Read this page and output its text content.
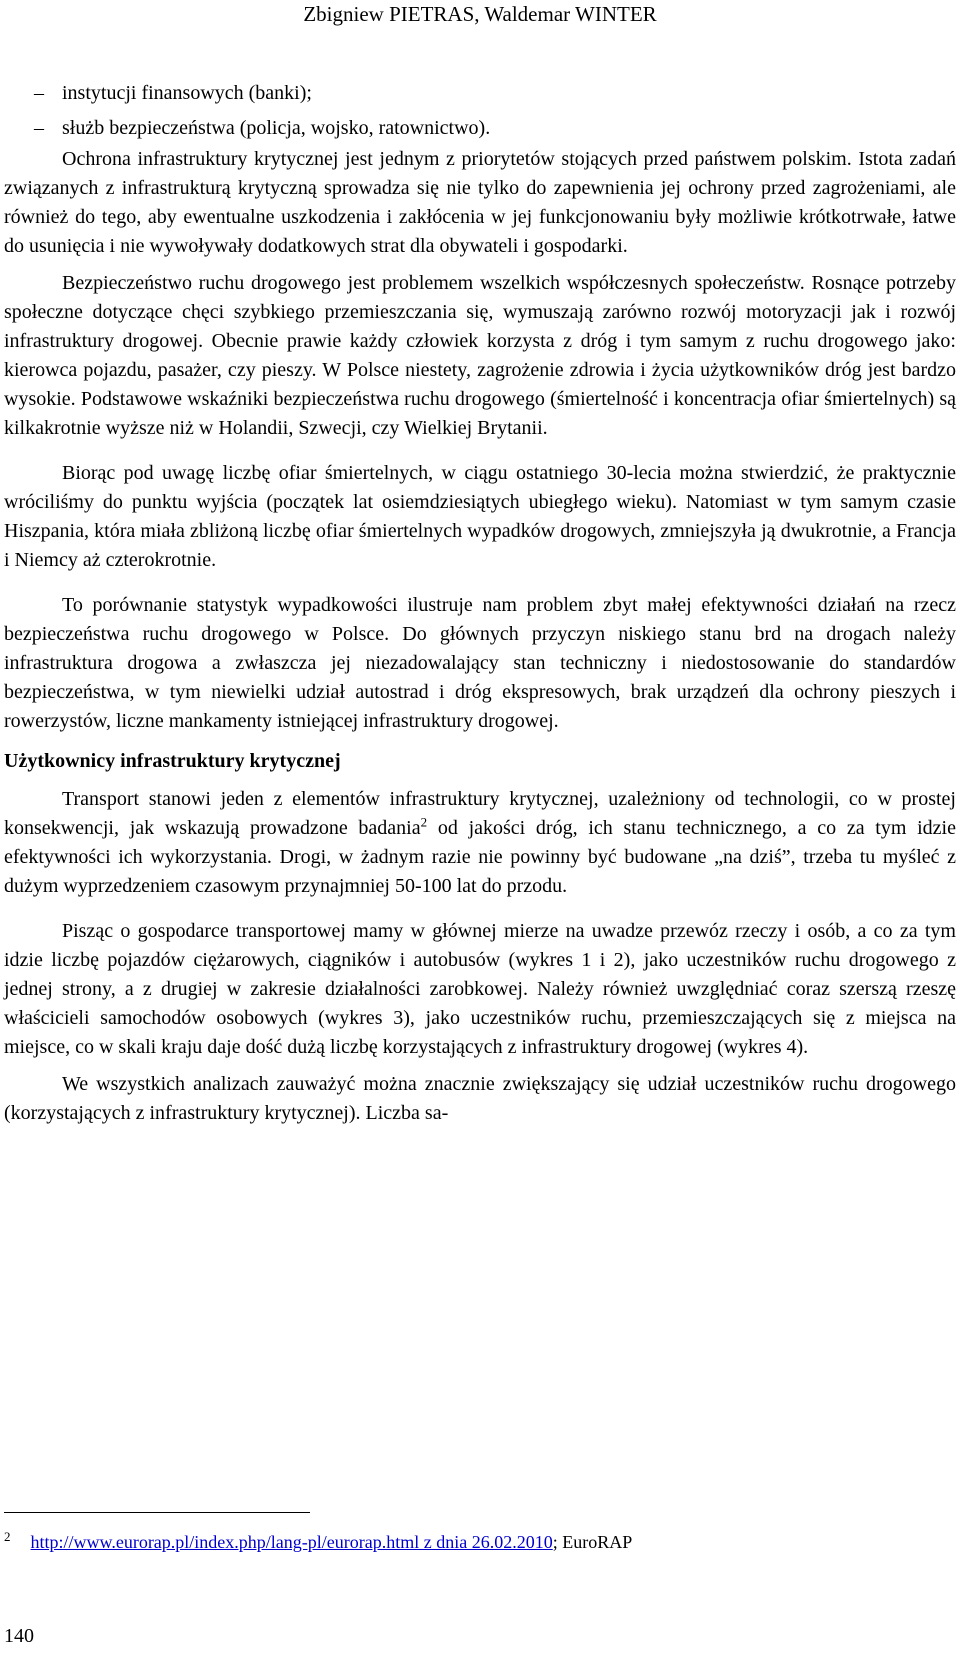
Zbigniew PIETRAS, Waldemar WINTER
– instytucji finansowych (banki);
– służb bezpieczeństwa (policja, wojsko, ratownictwo).

Ochrona infrastruktury krytycznej jest jednym z priorytetów stojących przed państwem polskim. Istota zadań związanych z infrastrukturą krytyczną sprowadza się nie tylko do zapewnienia jej ochrony przed zagrożeniami, ale również do tego, aby ewentualne uszkodzenia i zakłócenia w jej funkcjonowaniu były możliwie krótkotrwałe, łatwe do usunięcia i nie wywoływały dodatkowych strat dla obywateli i gospodarki.

Bezpieczeństwo ruchu drogowego jest problemem wszelkich współczesnych społeczeństw. Rosnące potrzeby społeczne dotyczące chęci szybkiego przemieszczania się, wymuszają zarówno rozwój motoryzacji jak i rozwój infrastruktury drogowej. Obecnie prawie każdy człowiek korzysta z dróg i tym samym z ruchu drogowego jako: kierowca pojazdu, pasażer, czy pieszy. W Polsce niestety, zagrożenie zdrowia i życia użytkowników dróg jest bardzo wysokie. Podstawowe wskaźniki bezpieczeństwa ruchu drogowego (śmiertelność i koncentracja ofiar śmiertelnych) są kilkakrotnie wyższe niż w Holandii, Szwecji, czy Wielkiej Brytanii.

Biorąc pod uwagę liczbę ofiar śmiertelnych, w ciągu ostatniego 30-lecia można stwierdzić, że praktycznie wróciliśmy do punktu wyjścia (początek lat osiemdziesiątych ubiegłego wieku). Natomiast w tym samym czasie Hiszpania, która miała zbliżoną liczbę ofiar śmiertelnych wypadków drogowych, zmniejszyła ją dwukrotnie, a Francja i Niemcy aż czterokrotnie.

To porównanie statystyk wypadkowości ilustruje nam problem zbyt małej efektywności działań na rzecz bezpieczeństwa ruchu drogowego w Polsce. Do głównych przyczyn niskiego stanu brd na drogach należy infrastruktura drogowa a zwłaszcza jej niezadowalający stan techniczny i niedostosowanie do standardów bezpieczeństwa, w tym niewielki udział autostrad i dróg ekspresowych, brak urządzeń dla ochrony pieszych i rowerzystów, liczne mankamenty istniejącej infrastruktury drogowej.

Użytkownicy infrastruktury krytycznej

Transport stanowi jeden z elementów infrastruktury krytycznej, uzależniony od technologii, co w prostej konsekwencji, jak wskazują prowadzone badania$^2$ od jakości dróg, ich stanu technicznego, a co za tym idzie efektywności ich wykorzystania. Drogi, w żadnym razie nie powinny być budowane „na dziś”, trzeba tu myśleć z dużym wyprzedzeniem czasowym przynajmniej 50-100 lat do przodu.

Pisząc o gospodarce transportowej mamy w głównej mierze na uwadze przewóz rzeczy i osób, a co za tym idzie liczbę pojazdów ciężarowych, ciągników i autobusów (wykres 1 i 2), jako uczestników ruchu drogowego z jednej strony, a z drugiej w zakresie działalności zarobkowej. Należy również uwzględniać coraz szerszą rzeszę właścicieli samochodów osobowych (wykres 3), jako uczestników ruchu, przemieszczających się z miejsca na miejsce, co w skali kraju daje dość dużą liczbę korzystających z infrastruktury drogowej (wykres 4).

We wszystkich analizach zauważyć można znacznie zwiększający się udział uczestników ruchu drogowego (korzystających z infrastruktury krytycznej). Liczba sa-

$^2$ http://www.eurorap.pl/index.php/lang-pl/eurorap.html z dnia 26.02.2010; EuroRAP
140
